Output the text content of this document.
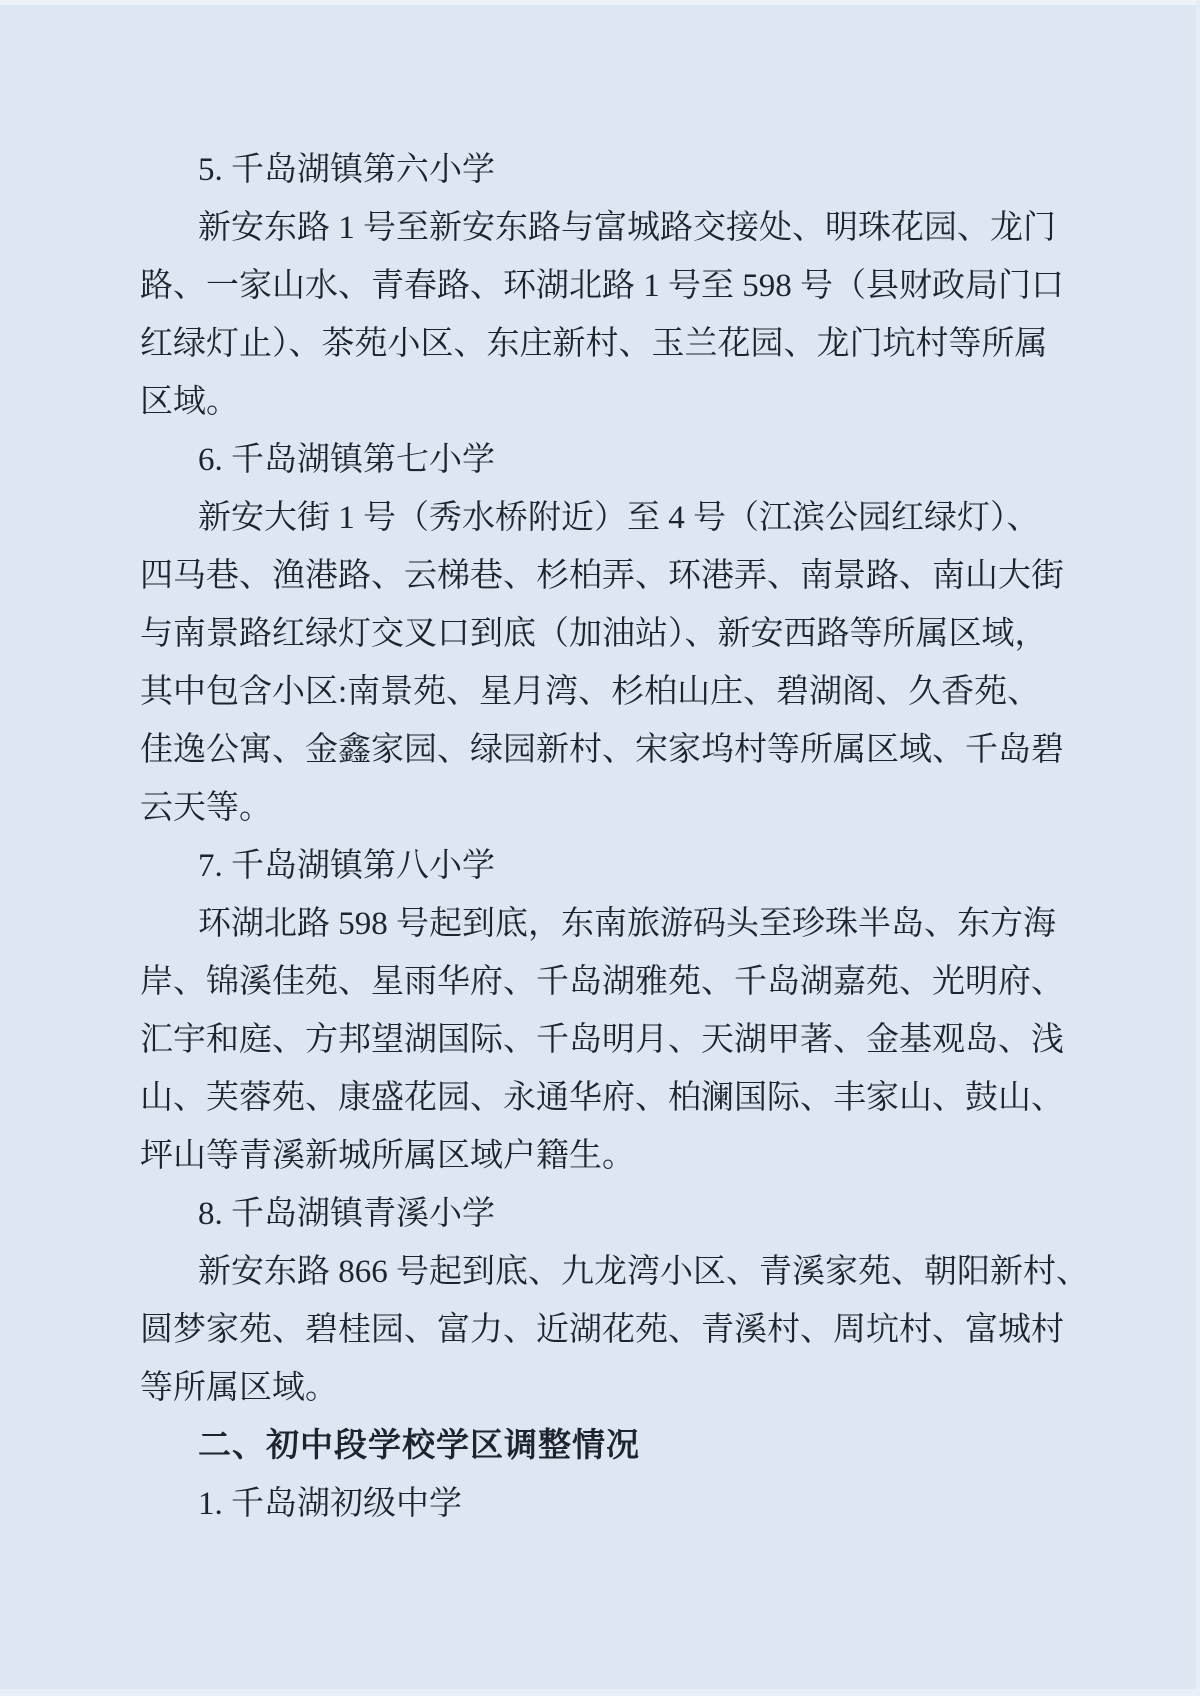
5. 千岛湖镇第六小学
新安东路 1 号至新安东路与富城路交接处、明珠花园、龙门
路、一家山水、青春路、环湖北路 1 号至 598 号（县财政局门口
红绿灯止）、茶苑小区、东庄新村、玉兰花园、龙门坑村等所属
区域。
6. 千岛湖镇第七小学
新安大街 1 号（秀水桥附近）至 4 号（江滨公园红绿灯）、
四马巷、渔港路、云梯巷、杉柏弄、环港弄、南景路、南山大街
与南景路红绿灯交叉口到底（加油站）、新安西路等所属区域，
其中包含小区:南景苑、星月湾、杉柏山庄、碧湖阁、久香苑、
佳逸公寓、金鑫家园、绿园新村、宋家坞村等所属区域、千岛碧
云天等。
7. 千岛湖镇第八小学
环湖北路 598 号起到底，东南旅游码头至珍珠半岛、东方海
岸、锦溪佳苑、星雨华府、千岛湖雅苑、千岛湖嘉苑、光明府、
汇宇和庭、方邦望湖国际、千岛明月、天湖甲著、金基观岛、浅
山、芙蓉苑、康盛花园、永通华府、柏澜国际、丰家山、鼓山、
坪山等青溪新城所属区域户籍生。
8. 千岛湖镇青溪小学
新安东路 866 号起到底、九龙湾小区、青溪家苑、朝阳新村、
圆梦家苑、碧桂园、富力、近湖花苑、青溪村、周坑村、富城村
等所属区域。
二、初中段学校学区调整情况
1. 千岛湖初级中学
